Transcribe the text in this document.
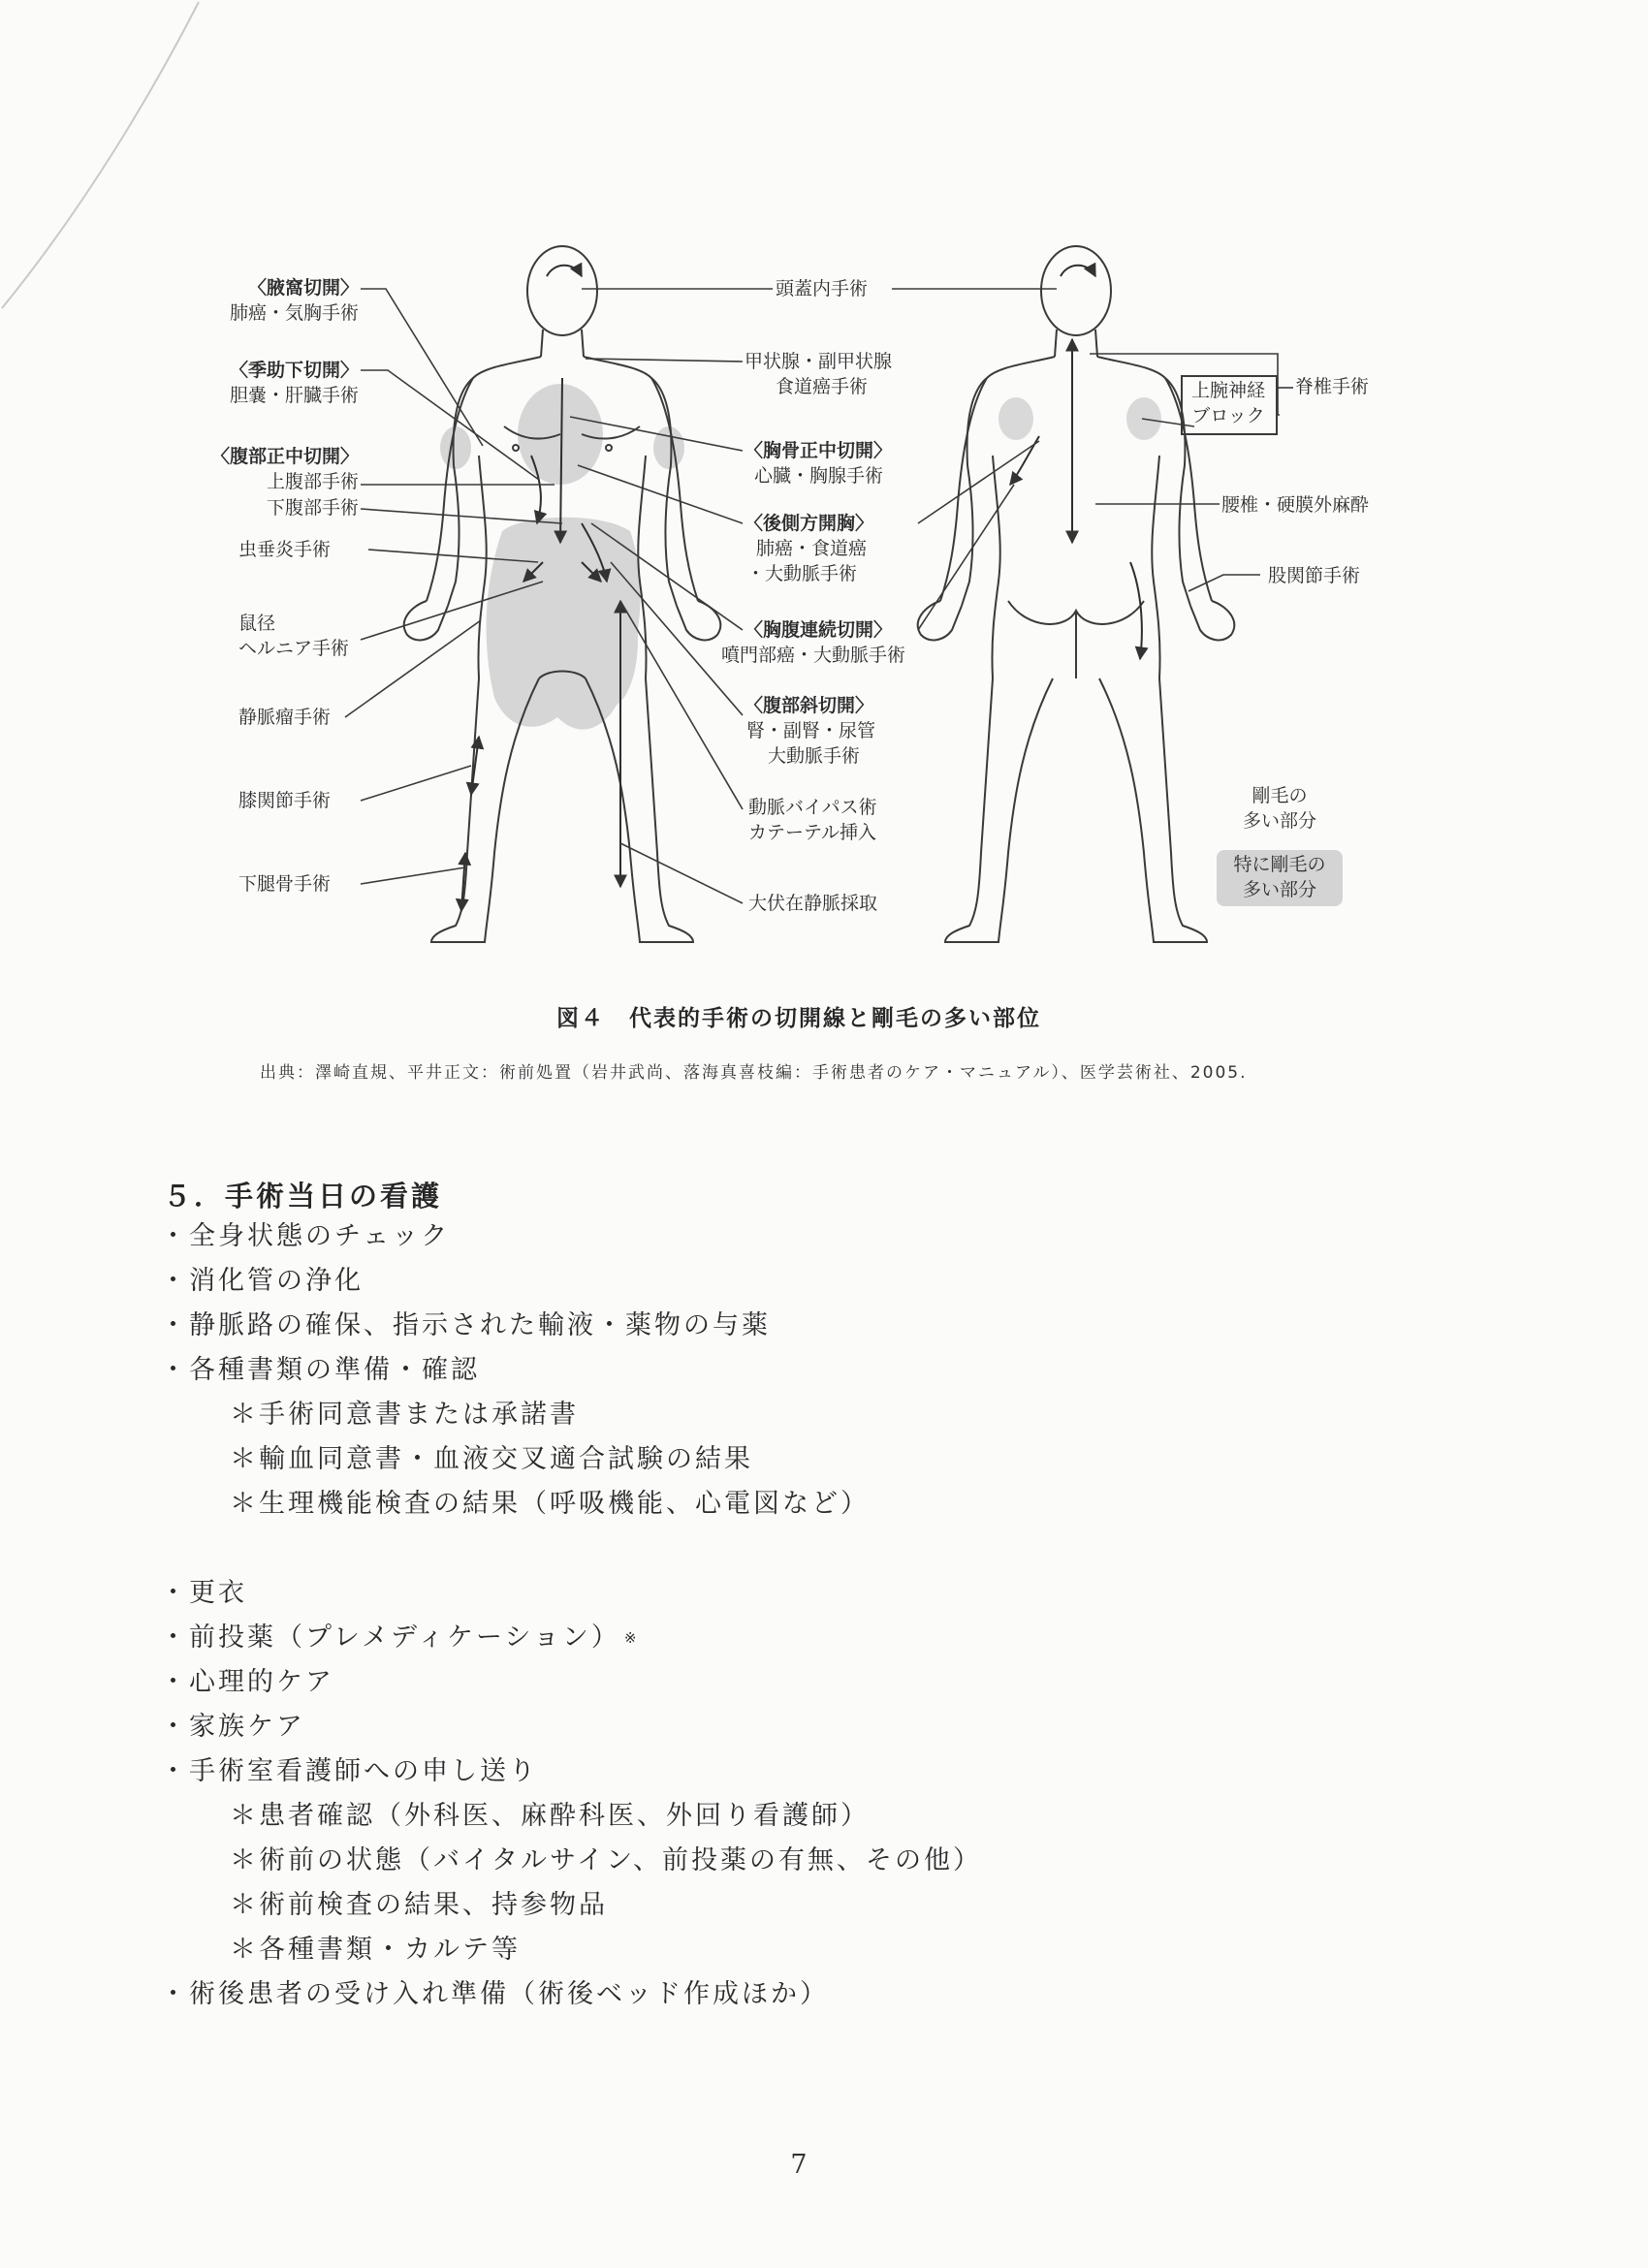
〈腋窩切開〉
肺癌・気胸手術
〈季助下切開〉
胆嚢・肝臓手術
〈腹部正中切開〉
上腹部手術
下腹部手術
虫垂炎手術
鼠径
ヘルニア手術
静脈瘤手術
膝関節手術
下腿骨手術
頭蓋内手術
甲状腺・副甲状腺
食道癌手術
〈胸骨正中切開〉
心臓・胸腺手術
〈後側方開胸〉
肺癌・食道癌
・大動脈手術
〈胸腹連続切開〉
噴門部癌・大動脈手術
〈腹部斜切開〉
腎・副腎・尿管
大動脈手術
動脈バイパス術
カテーテル挿入
大伏在静脈採取
脊椎手術
上腕神経
ブロック
腰椎・硬膜外麻酔
股関節手術
剛毛の
多い部分
特に剛毛の
多い部分
図４　代表的手術の切開線と剛毛の多い部位
出典：澤崎直規、平井正文：術前処置（岩井武尚、落海真喜枝編：手術患者のケア・マニュアル）、医学芸術社、2005.
５．手術当日の看護
・全身状態のチェック
・消化管の浄化
・静脈路の確保、指示された輸液・薬物の与薬
・各種書類の準備・確認
＊手術同意書または承諾書
＊輸血同意書・血液交叉適合試験の結果
＊生理機能検査の結果（呼吸機能、心電図など）
・更衣
・前投薬（プレメディケーション） ※
・心理的ケア
・家族ケア
・手術室看護師への申し送り
＊患者確認（外科医、麻酔科医、外回り看護師）
＊術前の状態（バイタルサイン、前投薬の有無、その他）
＊術前検査の結果、持参物品
＊各種書類・カルテ等
・術後患者の受け入れ準備（術後ベッド作成ほか）
7
